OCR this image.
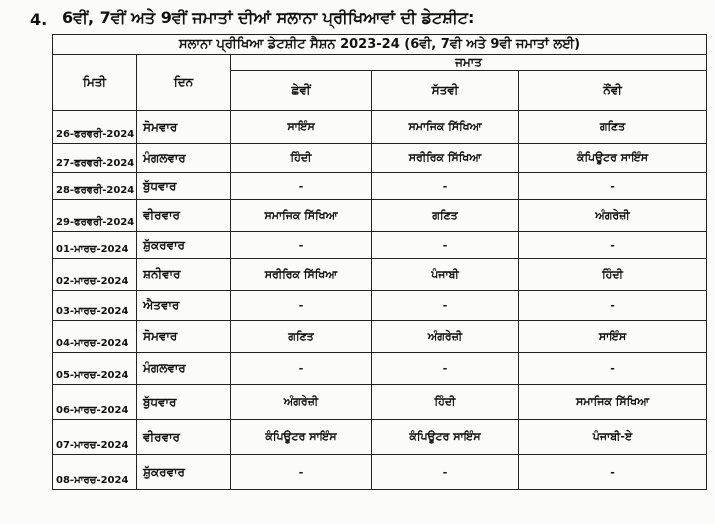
4. 6ਵੀਂ, 7ਵੀਂ ਅਤੇ 9ਵੀਂ ਜਮਾਤਾਂ ਦੀਆਂ ਸਲਾਨਾ ਪ੍ਰੀਖਿਆਵਾਂ ਦੀ ਡੇਟਸ਼ੀਟ:
ਸਲਾਨਾ ਪ੍ਰੀਖਿਆ ਡੇਟਸ਼ੀਟ ਸੈਸ਼ਨ 2023-24 (6ਵੀ, 7ਵੀ ਅਤੇ 9ਵੀ ਜਮਾਤਾਂ ਲਈ)				
ਮਿਤੀ	ਦਿਨ	ਜਮਾਤ		
		ਛੇਵੀਂ	ਸੱਤਵੀ	ਨੌਂਵੀ
26-ਫਰਵਰੀ-2024	ਸੋਮਵਾਰ	ਸਾਇੰਸ	ਸਮਾਜਿਕ ਸਿੱਖਿਆ	ਗਣਿਤ
27-ਫਰਵਰੀ-2024	ਮੰਗਲਵਾਰ	ਹਿੰਦੀ	ਸਰੀਰਿਕ ਸਿੱਖਿਆ	ਕੰਪਿਊਟਰ ਸਾਇੰਸ
28-ਫਰਵਰੀ-2024	ਬੁੱਧਵਾਰ	-	-	-
29-ਫਰਵਰੀ-2024	ਵੀਰਵਾਰ	ਸਮਾਜਿਕ ਸਿੱਖਿਆ	ਗਣਿਤ	ਅੰਗਰੇਜ਼ੀ
01-ਮਾਰਚ-2024	ਸ਼ੁੱਕਰਵਾਰ	-	-	-
02-ਮਾਰਚ-2024	ਸ਼ਨੀਵਾਰ	ਸਰੀਰਿਕ ਸਿੱਖਿਆ	ਪੰਜਾਬੀ	ਹਿੰਦੀ
03-ਮਾਰਚ-2024	ਐਤਵਾਰ	-	-	-
04-ਮਾਰਚ-2024	ਸੋਮਵਾਰ	ਗਣਿਤ	ਅੰਗਰੇਜ਼ੀ	ਸਾਇੰਸ
05-ਮਾਰਚ-2024	ਮੰਗਲਵਾਰ	-	-	-
06-ਮਾਰਚ-2024	ਬੁੱਧਵਾਰ	ਅੰਗਰੇਜ਼ੀ	ਹਿੰਦੀ	ਸਮਾਜਿਕ ਸਿੱਖਿਆ
07-ਮਾਰਚ-2024	ਵੀਰਵਾਰ	ਕੰਪਿਊਟਰ ਸਾਇੰਸ	ਕੰਪਿਊਟਰ ਸਾਇੰਸ	ਪੰਜਾਬੀ-ਏ
08-ਮਾਰਚ-2024	ਸ਼ੁੱਕਰਵਾਰ	-	-	-
